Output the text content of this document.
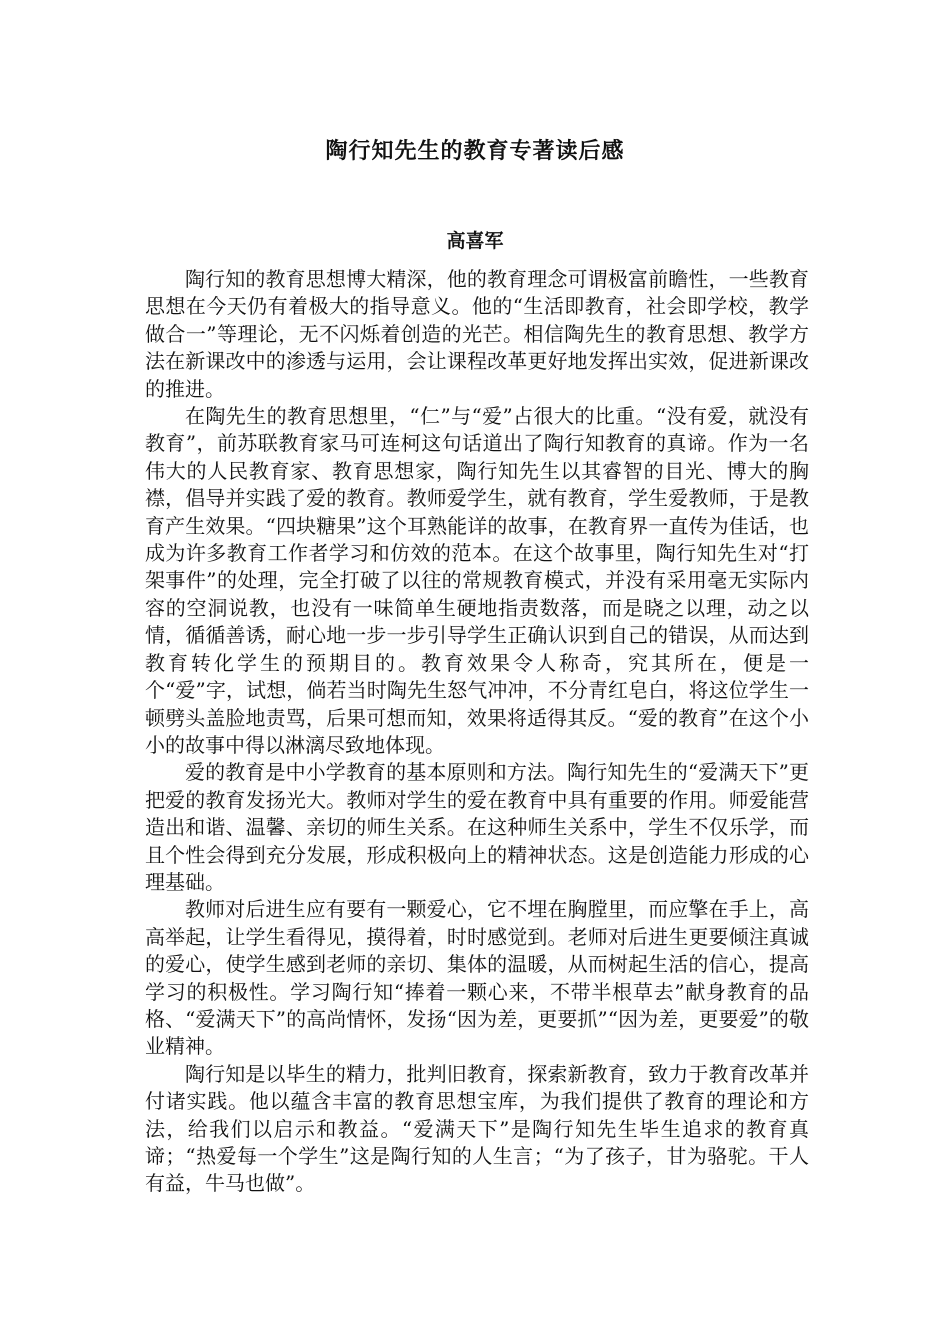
陶行知先生的教育专著读后感
高喜军

陶行知的教育思想博大精深，他的教育理念可谓极富前瞻性，一些教育思想在今天仍有着极大的指导意义。他的“生活即教育，社会即学校，教学做合一”等理论，无不闪烁着创造的光芒。相信陶先生的教育思想、教学方法在新课改中的渗透与运用，会让课程改革更好地发挥出实效，促进新课改的推进。

在陶先生的教育思想里，“仁”与“爱”占很大的比重。“没有爱，就没有教育”，前苏联教育家马可连柯这句话道出了陶行知教育的真谛。作为一名伟大的人民教育家、教育思想家，陶行知先生以其睿智的目光、博大的胸襟，倡导并实践了爱的教育。教师爱学生，就有教育，学生爱教师，于是教育产生效果。“四块糖果”这个耳熟能详的故事，在教育界一直传为佳话，也成为许多教育工作者学习和仿效的范本。在这个故事里，陶行知先生对“打架事件”的处理，完全打破了以往的常规教育模式，并没有采用毫无实际内容的空洞说教，也没有一味简单生硬地指责数落，而是晓之以理，动之以情，循循善诱，耐心地一步一步引导学生正确认识到自己的错误，从而达到教育转化学生的预期目的。教育效果令人称奇，究其所在，便是一个“爱”字，试想，倘若当时陶先生怒气冲冲，不分青红皂白，将这位学生一顿劈头盖脸地责骂，后果可想而知，效果将适得其反。“爱的教育”在这个小小的故事中得以淋漓尽致地体现。

爱的教育是中小学教育的基本原则和方法。陶行知先生的“爱满天下”更把爱的教育发扬光大。教师对学生的爱在教育中具有重要的作用。师爱能营造出和谐、温馨、亲切的师生关系。在这种师生关系中，学生不仅乐学，而且个性会得到充分发展，形成积极向上的精神状态。这是创造能力形成的心理基础。

教师对后进生应有要有一颗爱心，它不埋在胸膛里，而应擎在手上，高高举起，让学生看得见，摸得着，时时感觉到。老师对后进生更要倾注真诚的爱心，使学生感到老师的亲切、集体的温暖，从而树起生活的信心，提高学习的积极性。学习陶行知“捧着一颗心来，不带半根草去”献身教育的品格、“爱满天下”的高尚情怀，发扬“因为差，更要抓”“因为差，更要爱”的敬业精神。

陶行知是以毕生的精力，批判旧教育，探索新教育，致力于教育改革并付诸实践。他以蕴含丰富的教育思想宝库，为我们提供了教育的理论和方法，给我们以启示和教益。“爱满天下”是陶行知先生毕生追求的教育真谛；“热爱每一个学生”这是陶行知的人生言；“为了孩子，甘为骆驼。干人有益，牛马也做”。
